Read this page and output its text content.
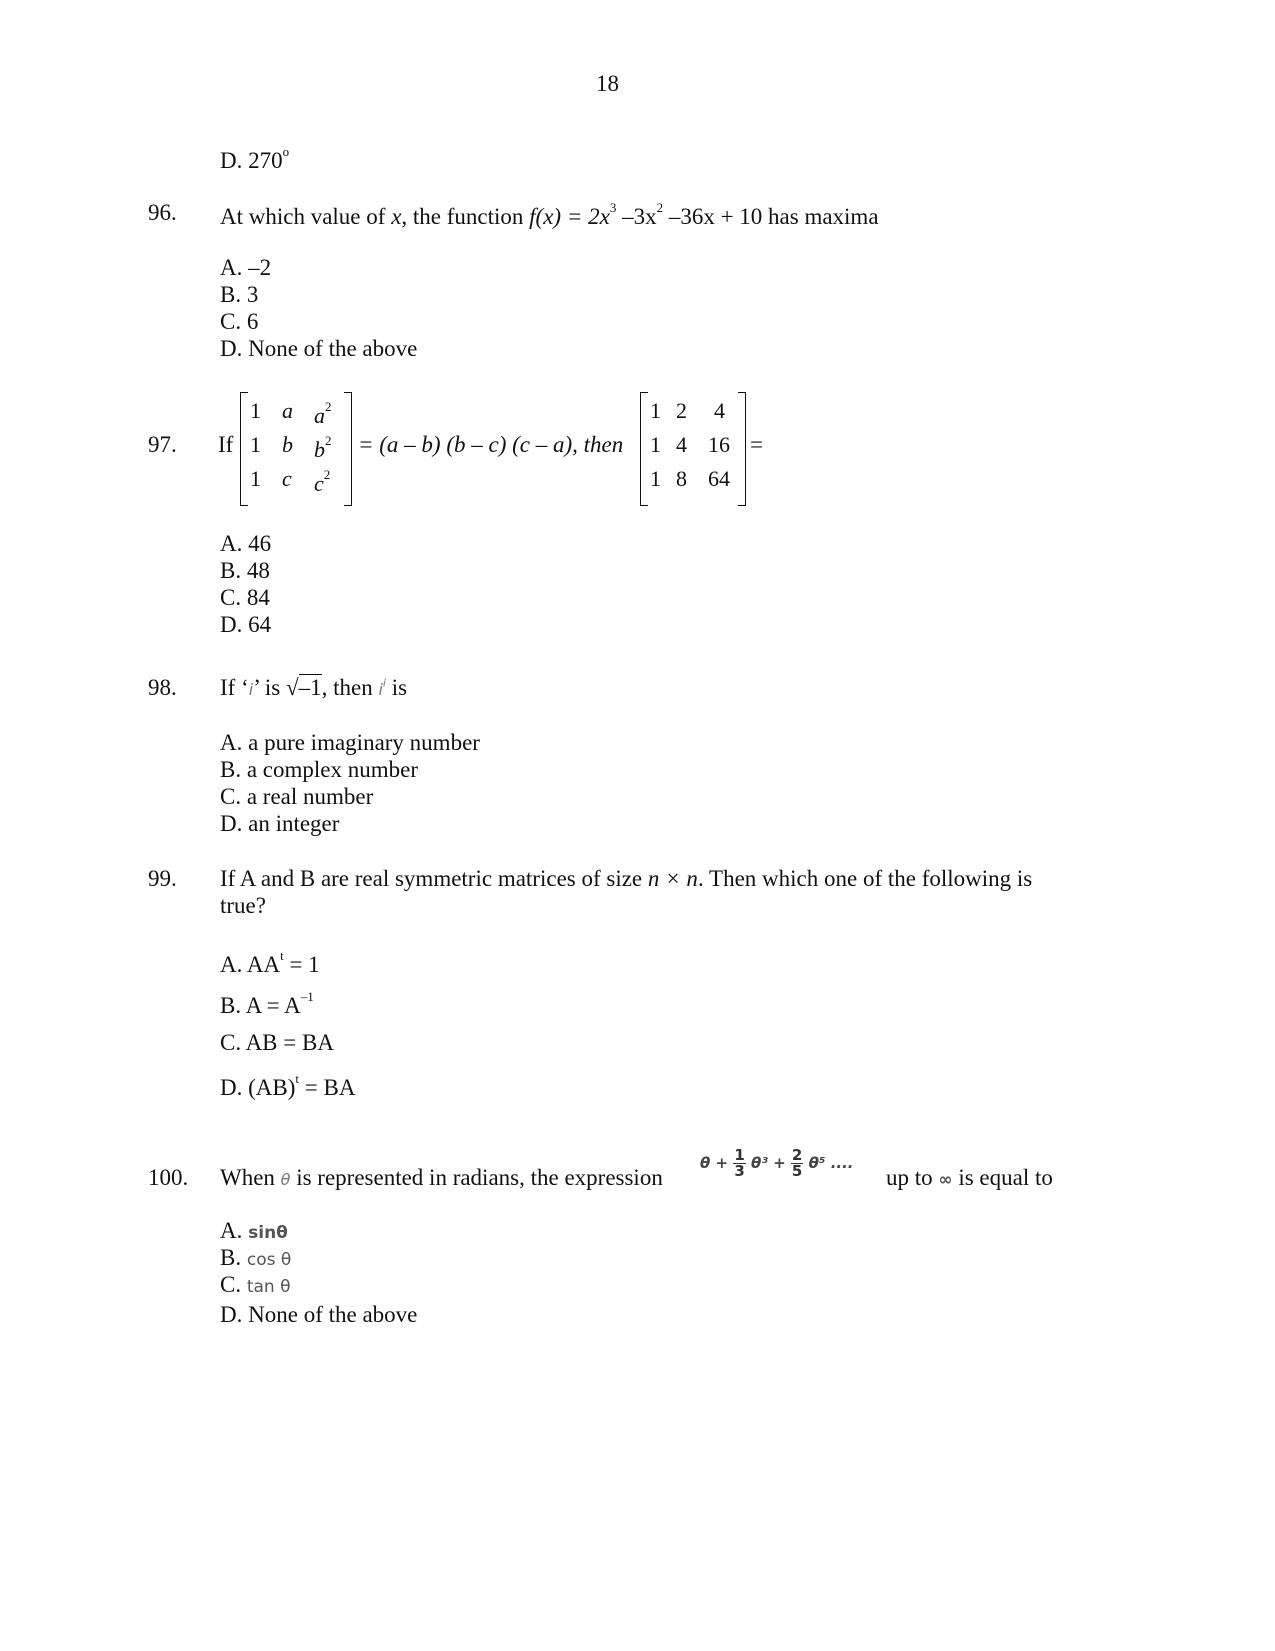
18
D. 270$^o$
96. At which value of x, the function $f(x) = 2x^3$ $-3x^2$ –36x + 10 has maxima
A. –2
B. 3
C. 6
D. None of the above
97. If
1 a $a^2$
1 b $b^2$
1 c $c^2$
= (a – b) (b – c) (c – a), then
1 2 4
1 4 16
1 8 64
=
A. 46
B. 48
C. 84
D. 64
98. If ‘i’ is √–1, then $i^i$ is
A. a pure imaginary number
B. a complex number
C. a real number
D. an integer
99. If A and B are real symmetric matrices of size n × n. Then which one of the following is
true?
A. $AA^t = 1$
B. $A = A^{-1}$
C. AB = BA
D. (AB)$^t$ = BA
100. When θ is represented in radians, the expression
$\theta + \frac{1}{3} \theta^3 + \frac{2}{5} \theta^5$ ....
up to ∞ is equal to
A. sinθ
B. cos θ
C. tan θ
D. None of the above
